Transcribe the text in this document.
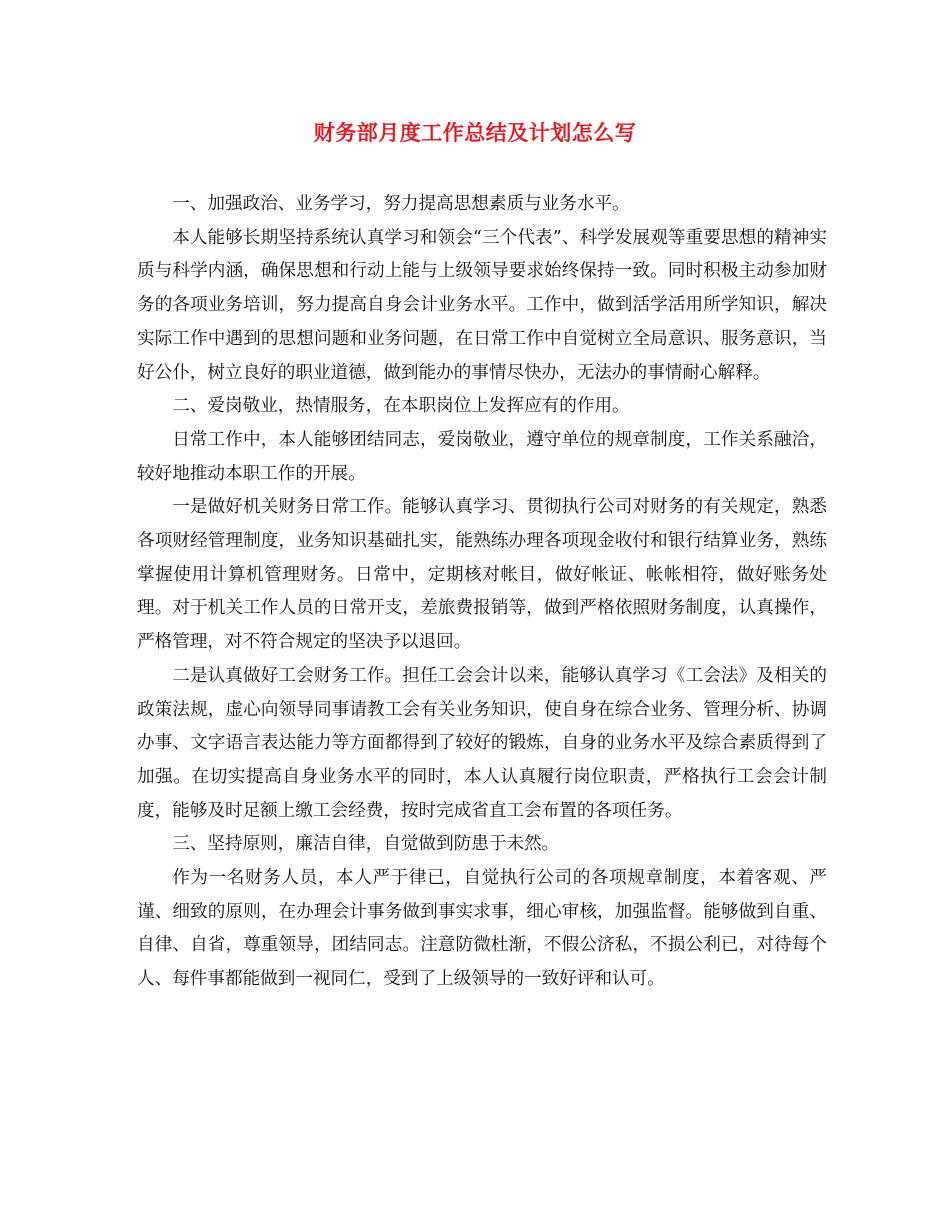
财务部月度工作总结及计划怎么写

一、加强政治、业务学习，努力提高思想素质与业务水平。

本人能够长期坚持系统认真学习和领会“三个代表”、科学发展观等重要思想的精神实质与科学内涵，确保思想和行动上能与上级领导要求始终保持一致。同时积极主动参加财务的各项业务培训，努力提高自身会计业务水平。工作中，做到活学活用所学知识，解决实际工作中遇到的思想问题和业务问题，在日常工作中自觉树立全局意识、服务意识，当好公仆，树立良好的职业道德，做到能办的事情尽快办，无法办的事情耐心解释。

二、爱岗敬业，热情服务，在本职岗位上发挥应有的作用。

日常工作中，本人能够团结同志，爱岗敬业，遵守单位的规章制度，工作关系融洽，较好地推动本职工作的开展。

一是做好机关财务日常工作。能够认真学习、贯彻执行公司对财务的有关规定，熟悉各项财经管理制度，业务知识基础扎实，能熟练办理各项现金收付和银行结算业务，熟练掌握使用计算机管理财务。日常中，定期核对帐目，做好帐证、帐帐相符，做好账务处理。对于机关工作人员的日常开支，差旅费报销等，做到严格依照财务制度，认真操作，严格管理，对不符合规定的坚决予以退回。

二是认真做好工会财务工作。担任工会会计以来，能够认真学习《工会法》及相关的政策法规，虚心向领导同事请教工会有关业务知识，使自身在综合业务、管理分析、协调办事、文字语言表达能力等方面都得到了较好的锻炼，自身的业务水平及综合素质得到了加强。在切实提高自身业务水平的同时，本人认真履行岗位职责，严格执行工会会计制度，能够及时足额上缴工会经费，按时完成省直工会布置的各项任务。

三、坚持原则，廉洁自律，自觉做到防患于未然。

作为一名财务人员，本人严于律已，自觉执行公司的各项规章制度，本着客观、严谨、细致的原则，在办理会计事务做到事实求事，细心审核，加强监督。能够做到自重、自律、自省，尊重领导，团结同志。注意防微杜渐，不假公济私，不损公利已，对待每个人、每件事都能做到一视同仁，受到了上级领导的一致好评和认可。
